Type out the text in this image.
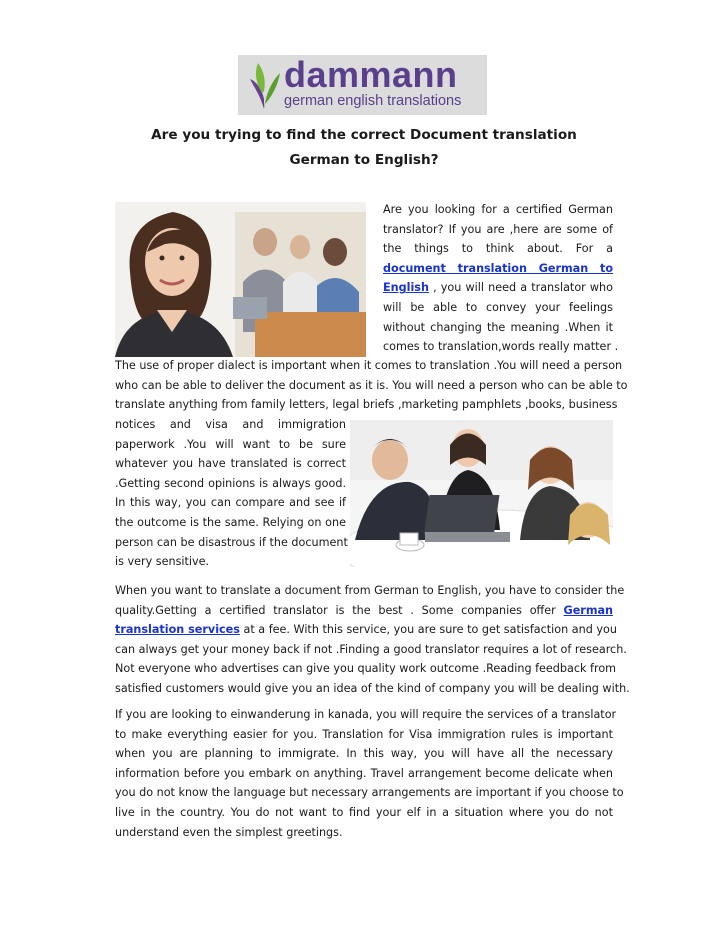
dammann
german english translations
Are you trying to find the correct Document translation
German to English?
Are you looking for a certified German
translator? If you are ,here are some of
the things to think about. For a
document translation German to
English , you will need a translator who
will be able to convey your feelings
without changing the meaning .When it
comes to translation,words really matter .
The use of proper dialect is important when it comes to translation .You will need a person
who can be able to deliver the document as it is. You will need a person who can be able to
translate anything from family letters, legal briefs ,marketing pamphlets ,books, business
notices and visa and immigration
paperwork .You will want to be sure
whatever you have translated is correct
.Getting second opinions is always good.
In this way, you can compare and see if
the outcome is the same. Relying on one
person can be disastrous if the document
is very sensitive.
When you want to translate a document from German to English, you have to consider the
quality.Getting a certified translator is the best . Some companies offer German
translation services at a fee. With this service, you are sure to get satisfaction and you
can always get your money back if not .Finding a good translator requires a lot of research.
Not everyone who advertises can give you quality work outcome .Reading feedback from
satisfied customers would give you an idea of the kind of company you will be dealing with.
If you are looking to einwanderung in kanada, you will require the services of a translator
to make everything easier for you. Translation for Visa immigration rules is important
when you are planning to immigrate. In this way, you will have all the necessary
information before you embark on anything. Travel arrangement become delicate when
you do not know the language but necessary arrangements are important if you choose to
live in the country. You do not want to find your elf in a situation where you do not
understand even the simplest greetings.
